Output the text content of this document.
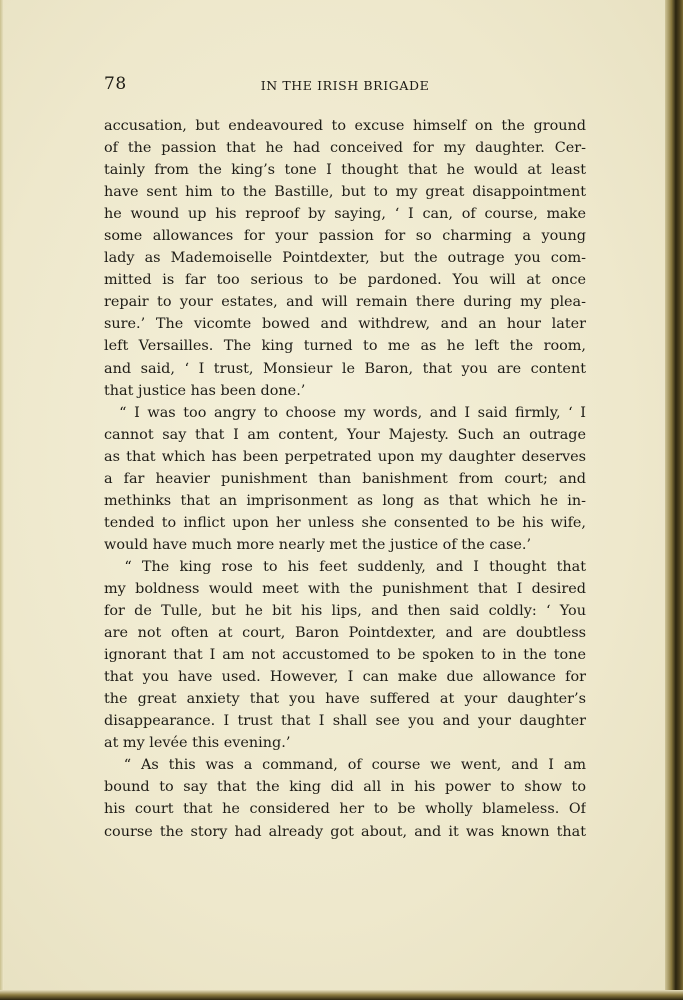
78	IN THE IRISH BRIGADE
accusation, but endeavoured to excuse himself on the ground
of the passion that he had conceived for my daughter. Cer-
tainly from the king’s tone I thought that he would at least
have sent him to the Bastille, but to my great disappointment
he wound up his reproof by saying, ‘ I can, of course, make
some allowances for your passion for so charming a young
lady as Mademoiselle Pointdexter, but the outrage you com-
mitted is far too serious to be pardoned. You will at once
repair to your estates, and will remain there during my plea-
sure.’ The vicomte bowed and withdrew, and an hour later
left Versailles. The king turned to me as he left the room,
and said, ‘ I trust, Monsieur le Baron, that you are content
that justice has been done.’
“ I was too angry to choose my words, and I said firmly, ‘ I
cannot say that I am content, Your Majesty. Such an outrage
as that which has been perpetrated upon my daughter deserves
a far heavier punishment than banishment from court; and
methinks that an imprisonment as long as that which he in-
tended to inflict upon her unless she consented to be his wife,
would have much more nearly met the justice of the case.’
“ The king rose to his feet suddenly, and I thought that
my boldness would meet with the punishment that I desired
for de Tulle, but he bit his lips, and then said coldly: ‘ You
are not often at court, Baron Pointdexter, and are doubtless
ignorant that I am not accustomed to be spoken to in the tone
that you have used. However, I can make due allowance for
the great anxiety that you have suffered at your daughter’s
disappearance. I trust that I shall see you and your daughter
at my levée this evening.’
“ As this was a command, of course we went, and I am
bound to say that the king did all in his power to show to
his court that he considered her to be wholly blameless. Of
course the story had already got about, and it was known that
